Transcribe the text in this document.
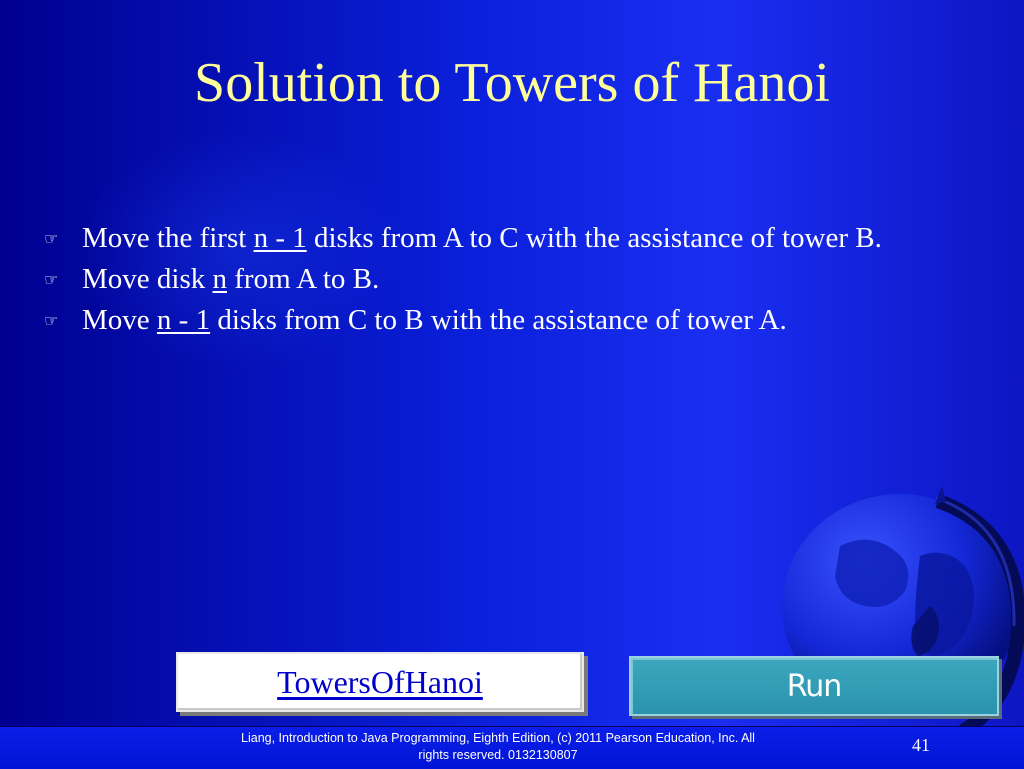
Solution to Towers of Hanoi
☞ Move the first n - 1 disks from A to C with the assistance of tower B.
☞ Move disk n from A to B.
☞ Move n - 1 disks from C to B with the assistance of tower A.
TowersOfHanoi	Run
Liang, Introduction to Java Programming, Eighth Edition, (c) 2011 Pearson Education, Inc. All
rights reserved. 0132130807	41
